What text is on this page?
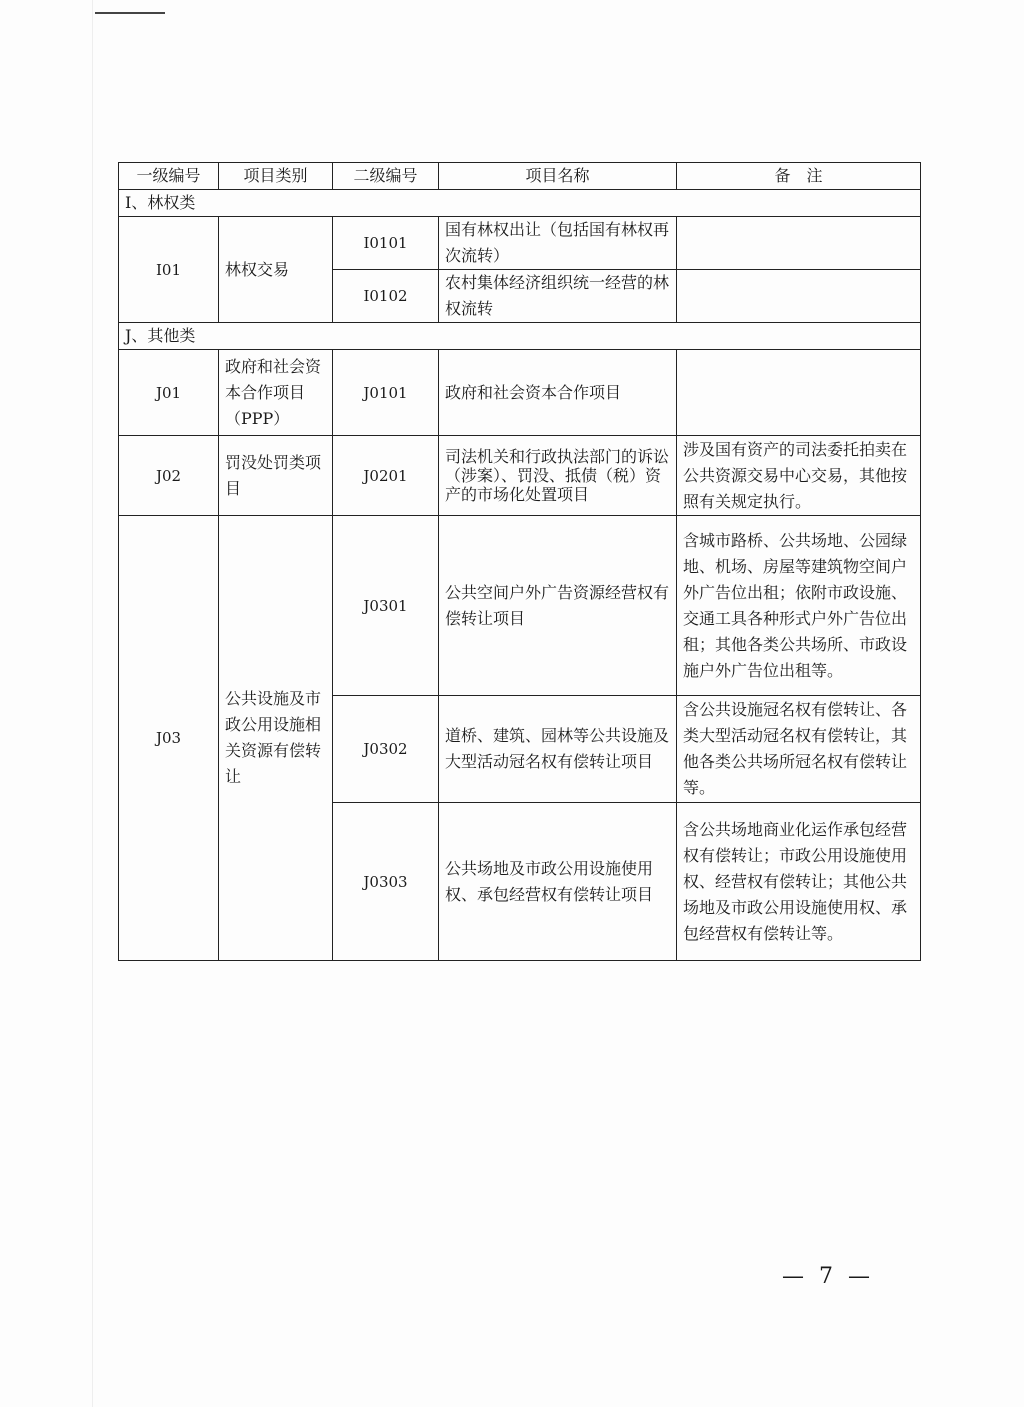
一级编号	项目类别	二级编号	项目名称	备　注
I、林权类				
I01	林权交易	I0101	国有林权出让（包括国有林权再次流转）	
		I0102	农村集体经济组织统一经营的林权流转	
J、其他类				
J01	政府和社会资本合作项目（PPP）	J0101	政府和社会资本合作项目	
J02	罚没处罚类项目	J0201	司法机关和行政执法部门的诉讼（涉案）、罚没、抵债（税）资产的市场化处置项目	涉及国有资产的司法委托拍卖在公共资源交易中心交易，其他按照有关规定执行。
J03	公共设施及市政公用设施相关资源有偿转让	J0301	公共空间户外广告资源经营权有偿转让项目	含城市路桥、公共场地、公园绿地、机场、房屋等建筑物空间户外广告位出租；依附市政设施、交通工具各种形式户外广告位出租；其他各类公共场所、市政设施户外广告位出租等。
		J0302	道桥、建筑、园林等公共设施及大型活动冠名权有偿转让项目	含公共设施冠名权有偿转让、各类大型活动冠名权有偿转让，其他各类公共场所冠名权有偿转让等。
		J0303	公共场地及市政公用设施使用权、承包经营权有偿转让项目	含公共场地商业化运作承包经营权有偿转让；市政公用设施使用权、经营权有偿转让；其他公共场地及市政公用设施使用权、承包经营权有偿转让等。
— 7 —
